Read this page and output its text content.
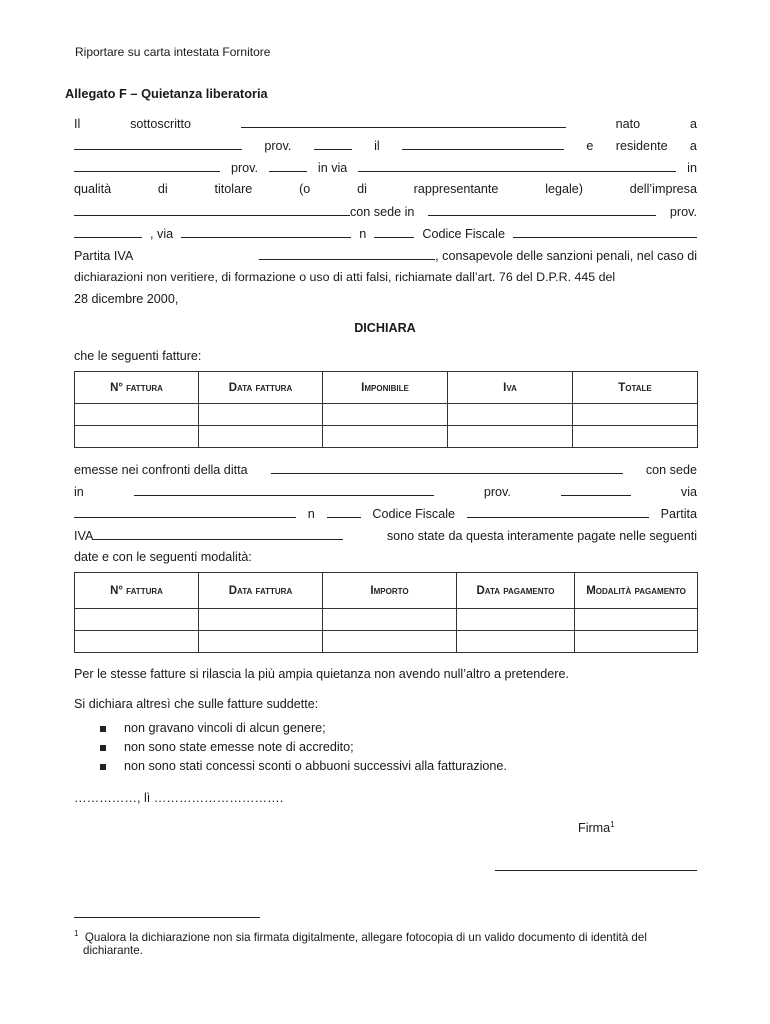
Riportare su carta intestata Fornitore
Allegato F – Quietanza liberatoria
Il	sottoscritto	nato	a
prov.	il	e residente a
prov.	in via	in
qualità	di	titolare	(o	di	rappresentante	legale)	dell’impresa
con sede in	prov.
, via	n	Codice Fiscale
Partita IVA	, consapevole delle sanzioni penali, nel caso di
dichiarazioni non veritiere, di formazione o uso di atti falsi, richiamate dall’art. 76 del D.P.R. 445 del
28 dicembre 2000,
DICHIARA
che le seguenti fatture:
N° fattura	Data fattura	Imponibile	Iva	Totale

emesse nei confronti della ditta	con sede
in	prov.	via
n	Codice Fiscale	Partita
IVA	sono state da questa interamente pagate nelle seguenti
date e con le seguenti modalità:
N° fattura	Data fattura	Importo	Data pagamento	Modalità pagamento

Per le stesse fatture si rilascia la più ampia quietanza non avendo null’altro a pretendere.
Si dichiara altresì che sulle fatture suddette:
non gravano vincoli di alcun genere;
non sono state emesse note di accredito;
non sono stati concessi sconti o abbuoni successivi alla fatturazione.
……………, lì ………………………….
Firma$^1$
$^1$ Qualora la dichiarazione non sia firmata digitalmente, allegare fotocopia di un valido documento di identità del
dichiarante.
